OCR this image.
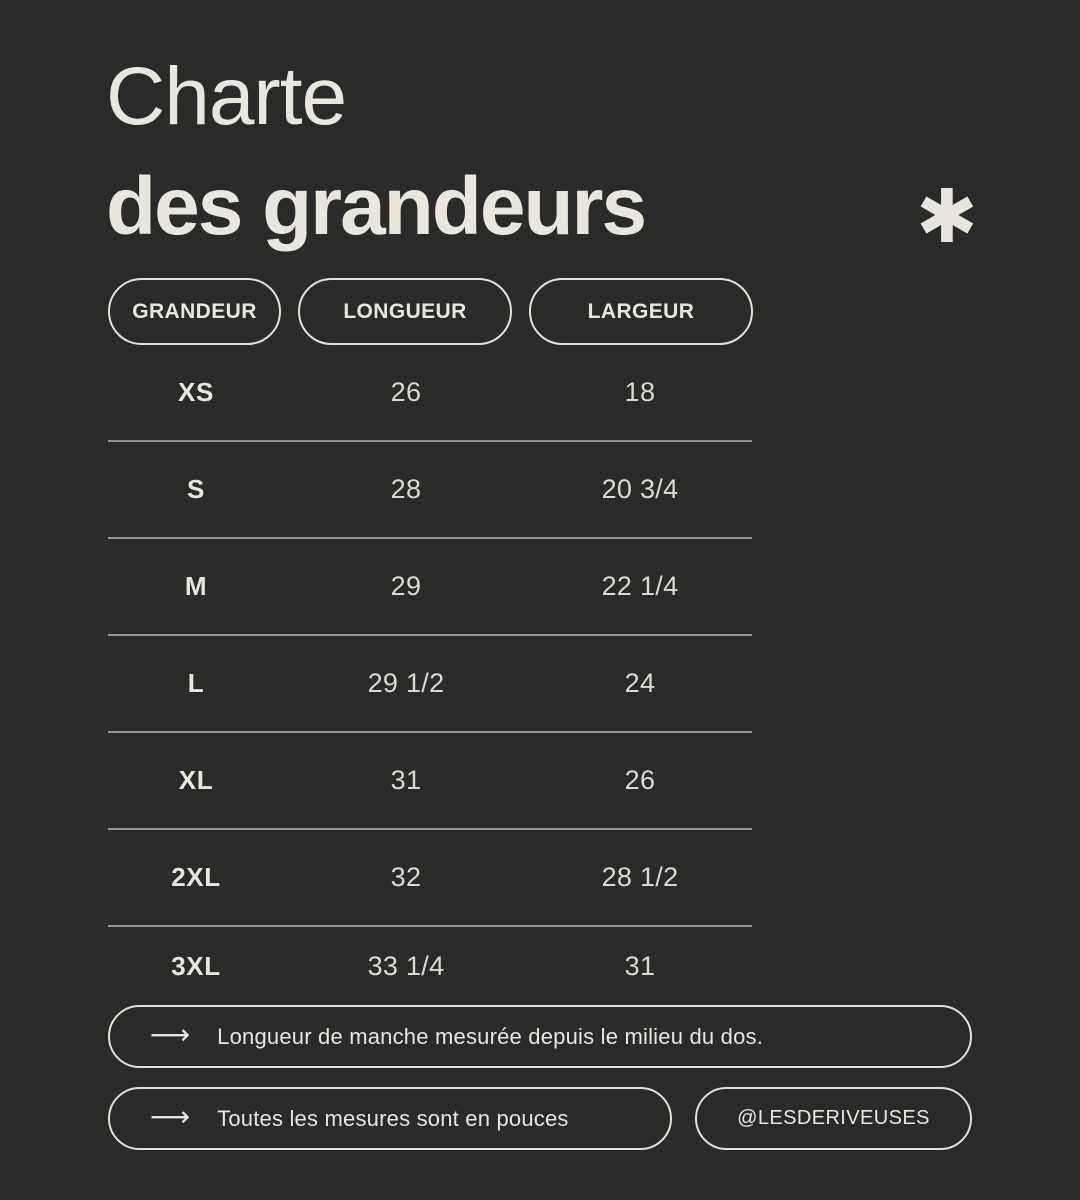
Charte
des grandeurs	✱
GRANDEUR	LONGUEUR	LARGEUR
XS	26	18
S	28	20 3/4
M	29	22 1/4
L	29 1/2	24
XL	31	26
2XL	32	28 1/2
3XL	33 1/4	31
⟶ Longueur de manche mesurée depuis le milieu du dos.
⟶ Toutes les mesures sont en pouces	@LESDERIVEUSES
